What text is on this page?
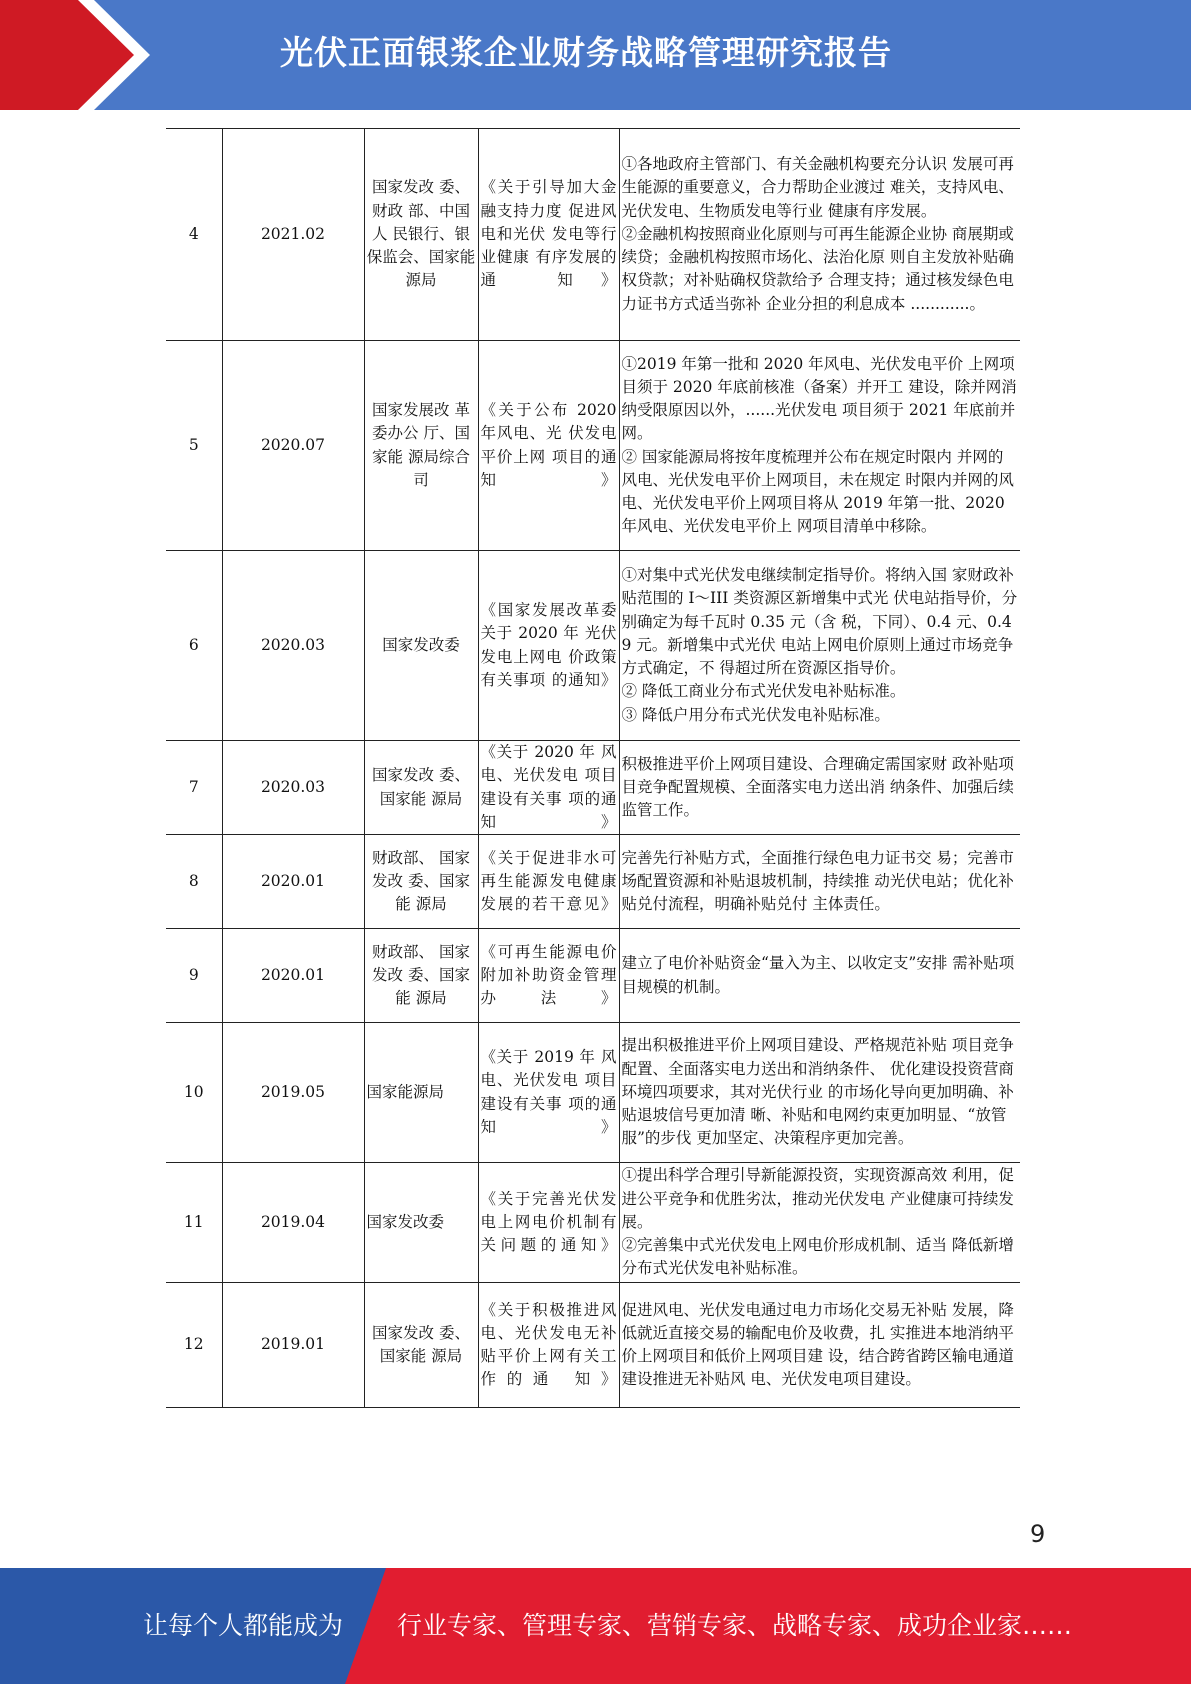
光伏正面银浆企业财务战略管理研究报告
4	2021.02	国家发改 委、财政 部、中国人 民银行、银保监会、国家能源局	《关于引导加大金融支持力度 促进风电和光伏 发电等行业健康 有序发展的通 知》	①各地政府主管部门、有关金融机构要充分认识 发展可再生能源的重要意义，合力帮助企业渡过 难关，支持风电、光伏发电、生物质发电等行业 健康有序发展。
②金融机构按照商业化原则与可再生能源企业协 商展期或续贷；金融机构按照市场化、法治化原 则自主发放补贴确权贷款；对补贴确权贷款给予 合理支持；通过核发绿色电力证书方式适当弥补 企业分担的利息成本 ............。

5	2020.07	国家发展改 革委办公 厅、国家能 源局综合司	《关于公布 2020年风电、光 伏发电平价上网 项目的通知》	①2019 年第一批和 2020 年风电、光伏发电平价 上网项目须于 2020 年底前核准（备案）并开工 建设，除并网消纳受限原因以外，......光伏发电 项目须于 2021 年底前并网。
② 国家能源局将按年度梳理并公布在规定时限内 并网的风电、光伏发电平价上网项目，未在规定 时限内并网的风电、光伏发电平价上网项目将从 2019 年第一批、2020 年风电、光伏发电平价上 网项目清单中移除。

6	2020.03	国家发改委	《国家发展改革委关于 2020 年 光伏发电上网电 价政策有关事项 的通知》	①对集中式光伏发电继续制定指导价。将纳入国 家财政补贴范围的 I～III 类资源区新增集中式光 伏电站指导价，分别确定为每千瓦时 0.35 元（含 税，下同）、0.4 元、0.49 元。新增集中式光伏 电站上网电价原则上通过市场竞争方式确定，不 得超过所在资源区指导价。
② 降低工商业分布式光伏发电补贴标准。
③ 降低户用分布式光伏发电补贴标准。

7	2020.03	国家发改 委、国家能 源局	《关于 2020 年 风电、光伏发电 项目建设有关事 项的通知》	积极推进平价上网项目建设、合理确定需国家财 政补贴项目竞争配置规模、全面落实电力送出消 纳条件、加强后续监管工作。

8	2020.01	财政部、 国家发改 委、国家能 源局	《关于促进非水可再生能源发电健康发展的若干意见》	完善先行补贴方式，全面推行绿色电力证书交 易；完善市场配置资源和补贴退坡机制，持续推 动光伏电站；优化补贴兑付流程，明确补贴兑付 主体责任。

9	2020.01	财政部、 国家发改 委、国家能 源局	《可再生能源电价附加补助资金管理办法》	建立了电价补贴资金“量入为主、以收定支”安排 需补贴项目规模的机制。

10	2019.05	国家能源局	《关于 2019 年 风电、光伏发电 项目建设有关事 项的通知》	提出积极推进平价上网项目建设、严格规范补贴 项目竞争配置、全面落实电力送出和消纳条件、 优化建设投资营商环境四项要求，其对光伏行业 的市场化导向更加明确、补贴退坡信号更加清 晰、补贴和电网约束更加明显、“放管服”的步伐 更加坚定、决策程序更加完善。

11	2019.04	国家发改委	《关于完善光伏发电上网电价机制有关问题的通知》	①提出科学合理引导新能源投资，实现资源高效 利用，促进公平竞争和优胜劣汰，推动光伏发电 产业健康可持续发展。
②完善集中式光伏发电上网电价形成机制、适当 降低新增分布式光伏发电补贴标准。

12	2019.01	国家发改 委、国家能 源局	《关于积极推进风电、光伏发电无补贴平价上网有关工作的通 知》	促进风电、光伏发电通过电力市场化交易无补贴 发展，降低就近直接交易的输配电价及收费，扎 实推进本地消纳平价上网项目和低价上网项目建 设，结合跨省跨区输电通道建设推进无补贴风 电、光伏发电项目建设。
9
让每个人都能成为 行业专家、管理专家、营销专家、战略专家、成功企业家……
